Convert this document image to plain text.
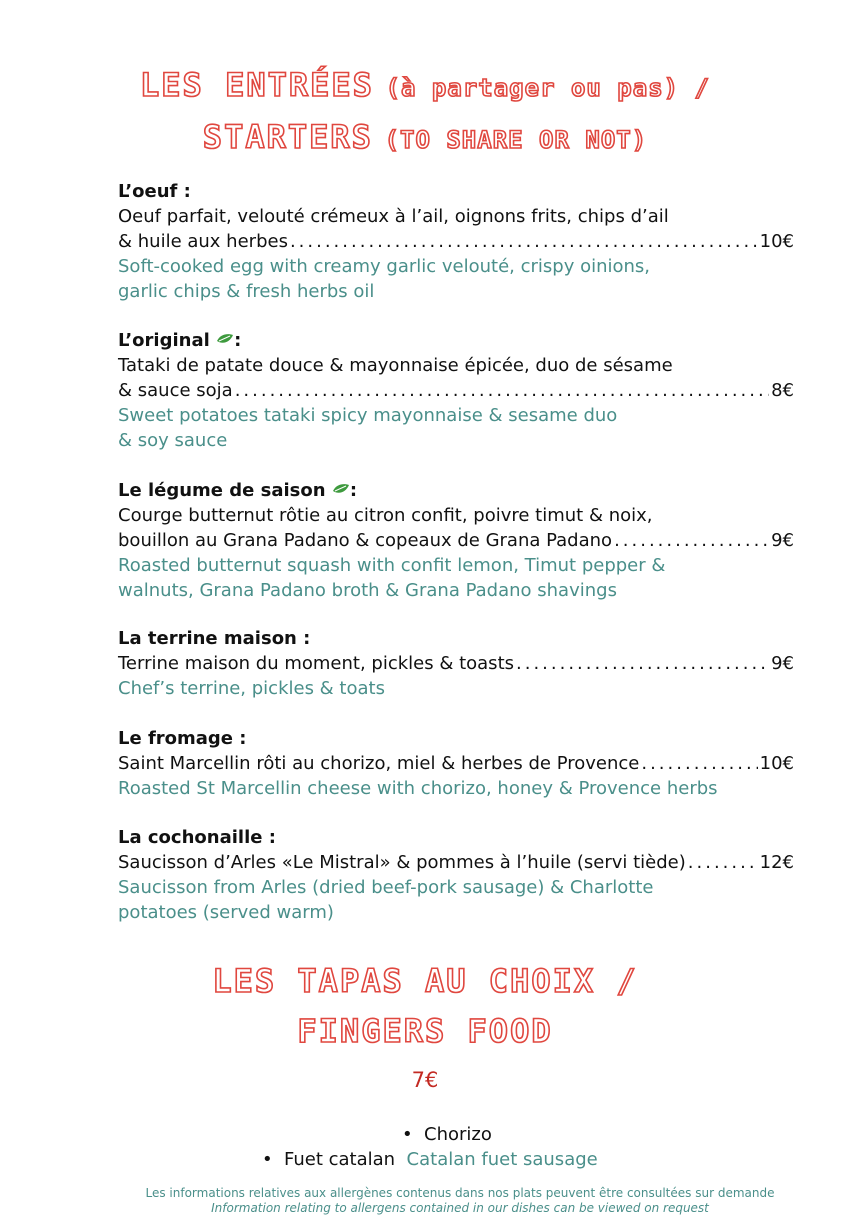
LES ENTRÉES (à partager ou pas) /
STARTERS (TO SHARE OR NOT)
L’oeuf :
Oeuf parfait, velouté crémeux à l’ail, oignons frits, chips d’ail
& huile aux herbes .....	10€
Soft-cooked egg with creamy garlic velouté, crispy oinions,
garlic chips & fresh herbs oil
L’original :
Tataki de patate douce & mayonnaise épicée, duo de sésame
& sauce soja .....	8€
Sweet potatoes tataki spicy mayonnaise & sesame duo
& soy sauce
Le légume de saison :
Courge butternut rôtie au citron confit, poivre timut & noix,
bouillon au Grana Padano & copeaux de Grana Padano .....	9€
Roasted butternut squash with confit lemon, Timut pepper &
walnuts, Grana Padano broth & Grana Padano shavings
La terrine maison :
Terrine maison du moment, pickles & toasts .....	9€
Chef’s terrine, pickles & toats
Le fromage :
Saint Marcellin rôti au chorizo, miel & herbes de Provence .....	10€
Roasted St Marcellin cheese with chorizo, honey & Provence herbs
La cochonaille :
Saucisson d’Arles «Le Mistral» & pommes à l’huile (servi tiède) .....	12€
Saucisson from Arles (dried beef-pork sausage) & Charlotte
potatoes (served warm)
LES TAPAS AU CHOIX /
FINGERS FOOD
7€
• Chorizo
• Fuet catalan Catalan fuet sausage
Les informations relatives aux allergènes contenus dans nos plats peuvent être consultées sur demande
Information relating to allergens contained in our dishes can be viewed on request
